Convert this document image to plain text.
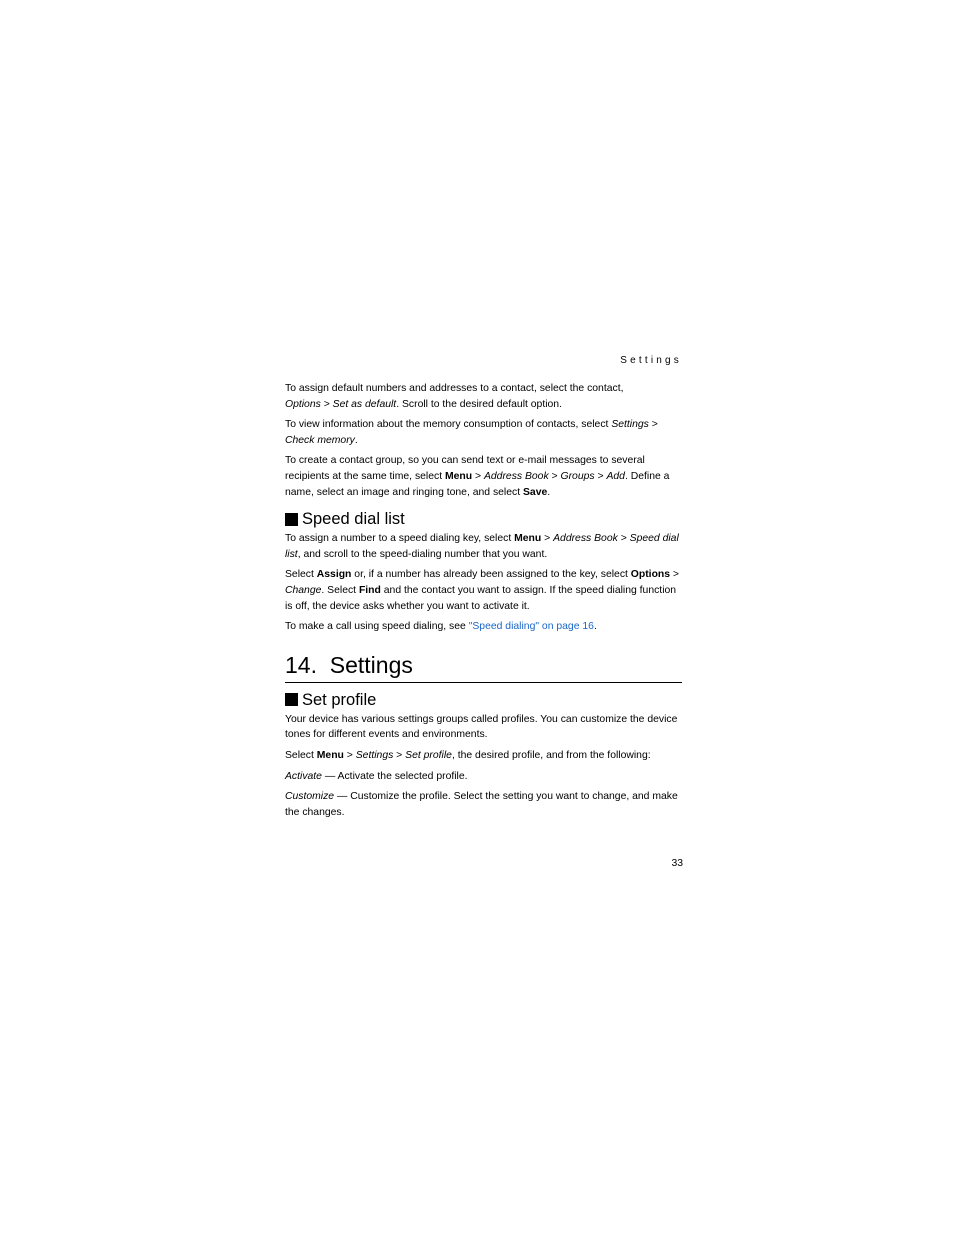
Settings

To assign default numbers and addresses to a contact, select the contact,
Options > Set as default. Scroll to the desired default option.

To view information about the memory consumption of contacts, select Settings >
Check memory.

To create a contact group, so you can send text or e-mail messages to several recipients at the same time, select Menu > Address Book > Groups > Add. Define a name, select an image and ringing tone, and select Save.

Speed dial list

To assign a number to a speed dialing key, select Menu > Address Book > Speed dial list, and scroll to the speed-dialing number that you want.

Select Assign or, if a number has already been assigned to the key, select Options > Change. Select Find and the contact you want to assign. If the speed dialing function is off, the device asks whether you want to activate it.

To make a call using speed dialing, see "Speed dialing" on page 16.

14.  Settings
Set profile

Your device has various settings groups called profiles. You can customize the device tones for different events and environments.

Select Menu > Settings > Set profile, the desired profile, and from the following:

Activate — Activate the selected profile.

Customize — Customize the profile. Select the setting you want to change, and make the changes.

33
